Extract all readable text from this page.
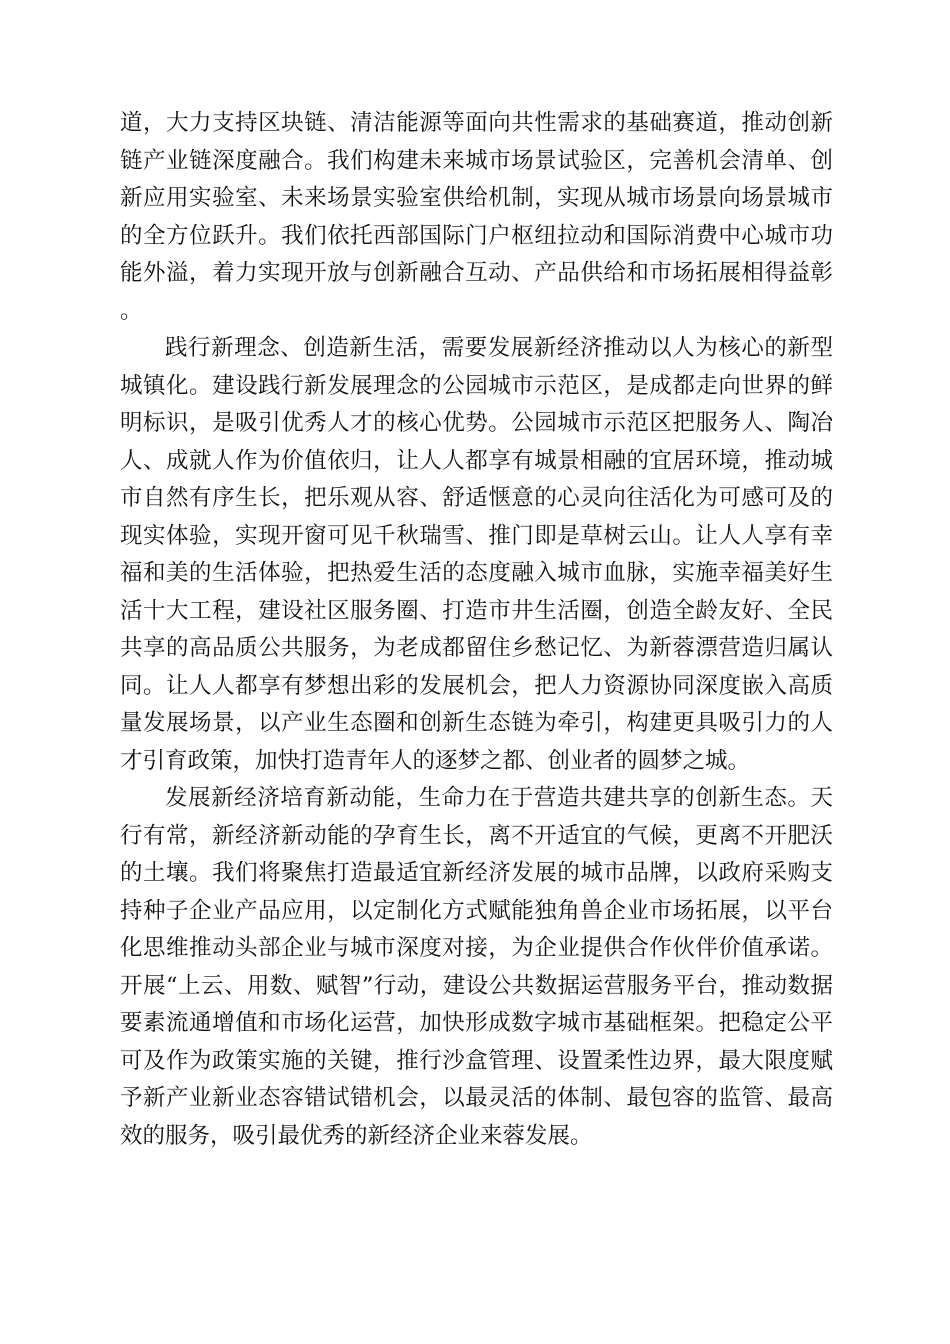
道，大力支持区块链、清洁能源等面向共性需求的基础赛道，推动创新链产业链深度融合。我们构建未来城市场景试验区，完善机会清单、创新应用实验室、未来场景实验室供给机制，实现从城市场景向场景城市的全方位跃升。我们依托西部国际门户枢纽拉动和国际消费中心城市功能外溢，着力实现开放与创新融合互动、产品供给和市场拓展相得益彰。

践行新理念、创造新生活，需要发展新经济推动以人为核心的新型城镇化。建设践行新发展理念的公园城市示范区，是成都走向世界的鲜明标识，是吸引优秀人才的核心优势。公园城市示范区把服务人、陶冶人、成就人作为价值依归，让人人都享有城景相融的宜居环境，推动城市自然有序生长，把乐观从容、舒适惬意的心灵向往活化为可感可及的现实体验，实现开窗可见千秋瑞雪、推门即是草树云山。让人人享有幸福和美的生活体验，把热爱生活的态度融入城市血脉，实施幸福美好生活十大工程，建设社区服务圈、打造市井生活圈，创造全龄友好、全民共享的高品质公共服务，为老成都留住乡愁记忆、为新蓉漂营造归属认同。让人人都享有梦想出彩的发展机会，把人力资源协同深度嵌入高质量发展场景，以产业生态圈和创新生态链为牵引，构建更具吸引力的人才引育政策，加快打造青年人的逐梦之都、创业者的圆梦之城。

发展新经济培育新动能，生命力在于营造共建共享的创新生态。天行有常，新经济新动能的孕育生长，离不开适宜的气候，更离不开肥沃的土壤。我们将聚焦打造最适宜新经济发展的城市品牌，以政府采购支持种子企业产品应用，以定制化方式赋能独角兽企业市场拓展，以平台化思维推动头部企业与城市深度对接，为企业提供合作伙伴价值承诺。开展“上云、用数、赋智”行动，建设公共数据运营服务平台，推动数据要素流通增值和市场化运营，加快形成数字城市基础框架。把稳定公平可及作为政策实施的关键，推行沙盒管理、设置柔性边界，最大限度赋予新产业新业态容错试错机会，以最灵活的体制、最包容的监管、最高效的服务，吸引最优秀的新经济企业来蓉发展。
